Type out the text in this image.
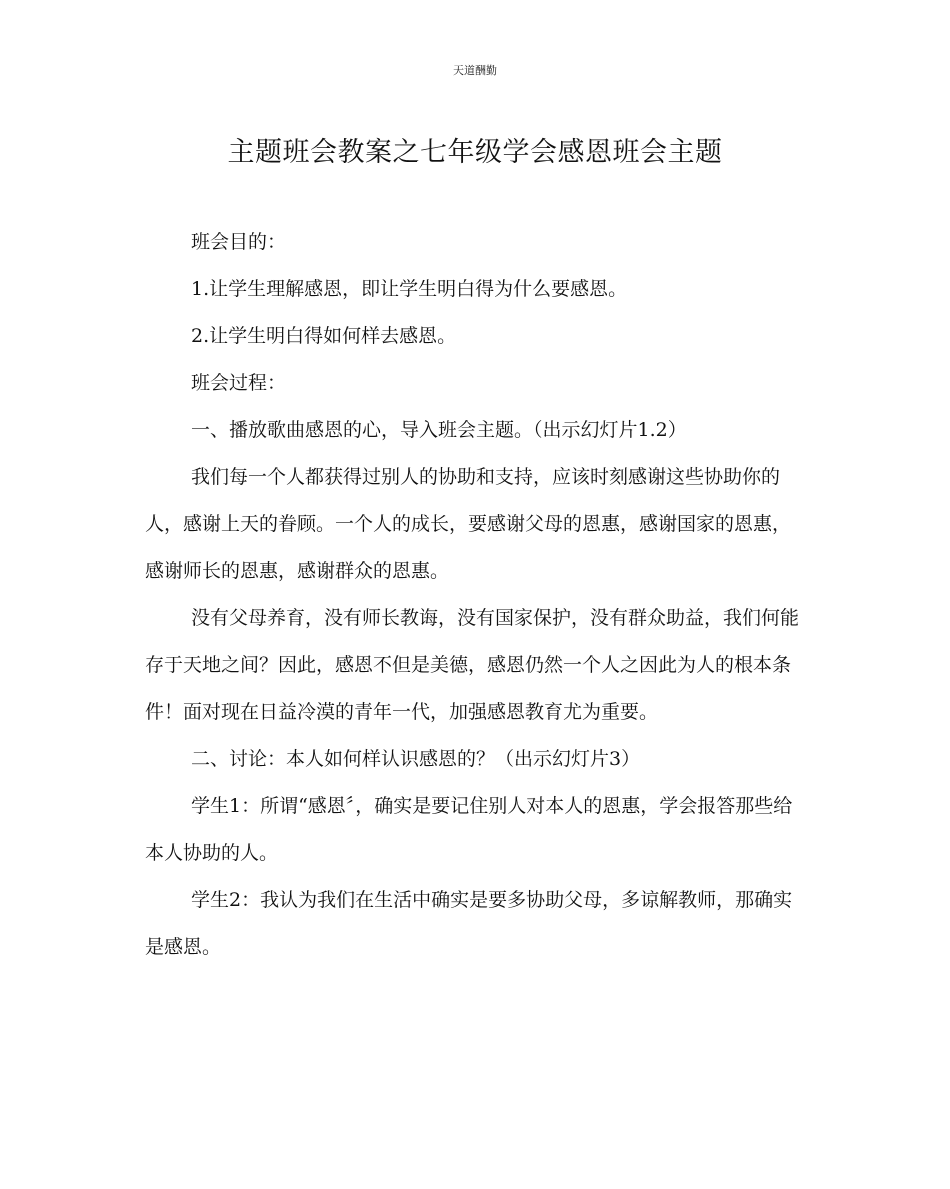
天道酬勤
主题班会教案之七年级学会感恩班会主题

班会目的：

1.让学生理解感恩，即让学生明白得为什么要感恩。

2.让学生明白得如何样去感恩。

班会过程：

一、播放歌曲感恩的心，导入班会主题。（出示幻灯片1.2）

我们每一个人都获得过别人的协助和支持，应该时刻感谢这些协助你的人，感谢上天的眷顾。一个人的成长，要感谢父母的恩惠，感谢国家的恩惠，感谢师长的恩惠，感谢群众的恩惠。

没有父母养育，没有师长教诲，没有国家保护，没有群众助益，我们何能存于天地之间？因此，感恩不但是美德，感恩仍然一个人之因此为人的根本条件！面对现在日益冷漠的青年一代，加强感恩教育尤为重要。

二、讨论：本人如何样认识感恩的？（出示幻灯片3）

学生1：所谓“感恩〞，确实是要记住别人对本人的恩惠，学会报答那些给本人协助的人。

学生2：我认为我们在生活中确实是要多协助父母，多谅解教师，那确实是感恩。
